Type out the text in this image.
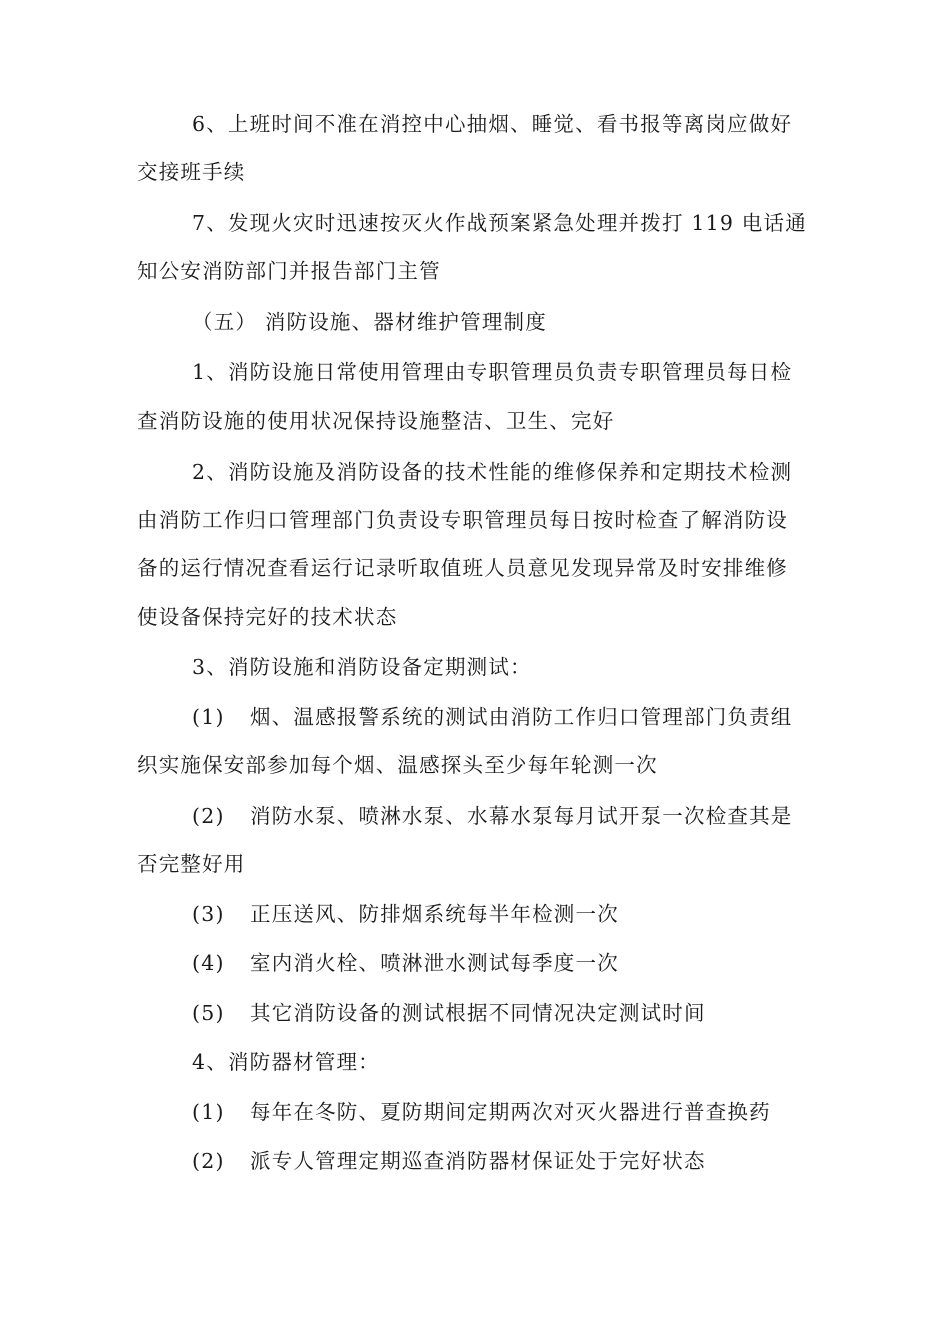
6、上班时间不准在消控中心抽烟、睡觉、看书报等离岗应做好
交接班手续
7、发现火灾时迅速按灭火作战预案紧急处理并拨打 119 电话通
知公安消防部门并报告部门主管
（五） 消防设施、器材维护管理制度
1、消防设施日常使用管理由专职管理员负责专职管理员每日检
查消防设施的使用状况保持设施整洁、卫生、完好
2、消防设施及消防设备的技术性能的维修保养和定期技术检测
由消防工作归口管理部门负责设专职管理员每日按时检查了解消防设
备的运行情况查看运行记录听取值班人员意见发现异常及时安排维修
使设备保持完好的技术状态
3、消防设施和消防设备定期测试：
(1) 烟、温感报警系统的测试由消防工作归口管理部门负责组
织实施保安部参加每个烟、温感探头至少每年轮测一次
(2) 消防水泵、喷淋水泵、水幕水泵每月试开泵一次检查其是
否完整好用
(3) 正压送风、防排烟系统每半年检测一次
(4) 室内消火栓、喷淋泄水测试每季度一次
(5) 其它消防设备的测试根据不同情况决定测试时间
4、消防器材管理：
(1) 每年在冬防、夏防期间定期两次对灭火器进行普查换药
(2) 派专人管理定期巡查消防器材保证处于完好状态
